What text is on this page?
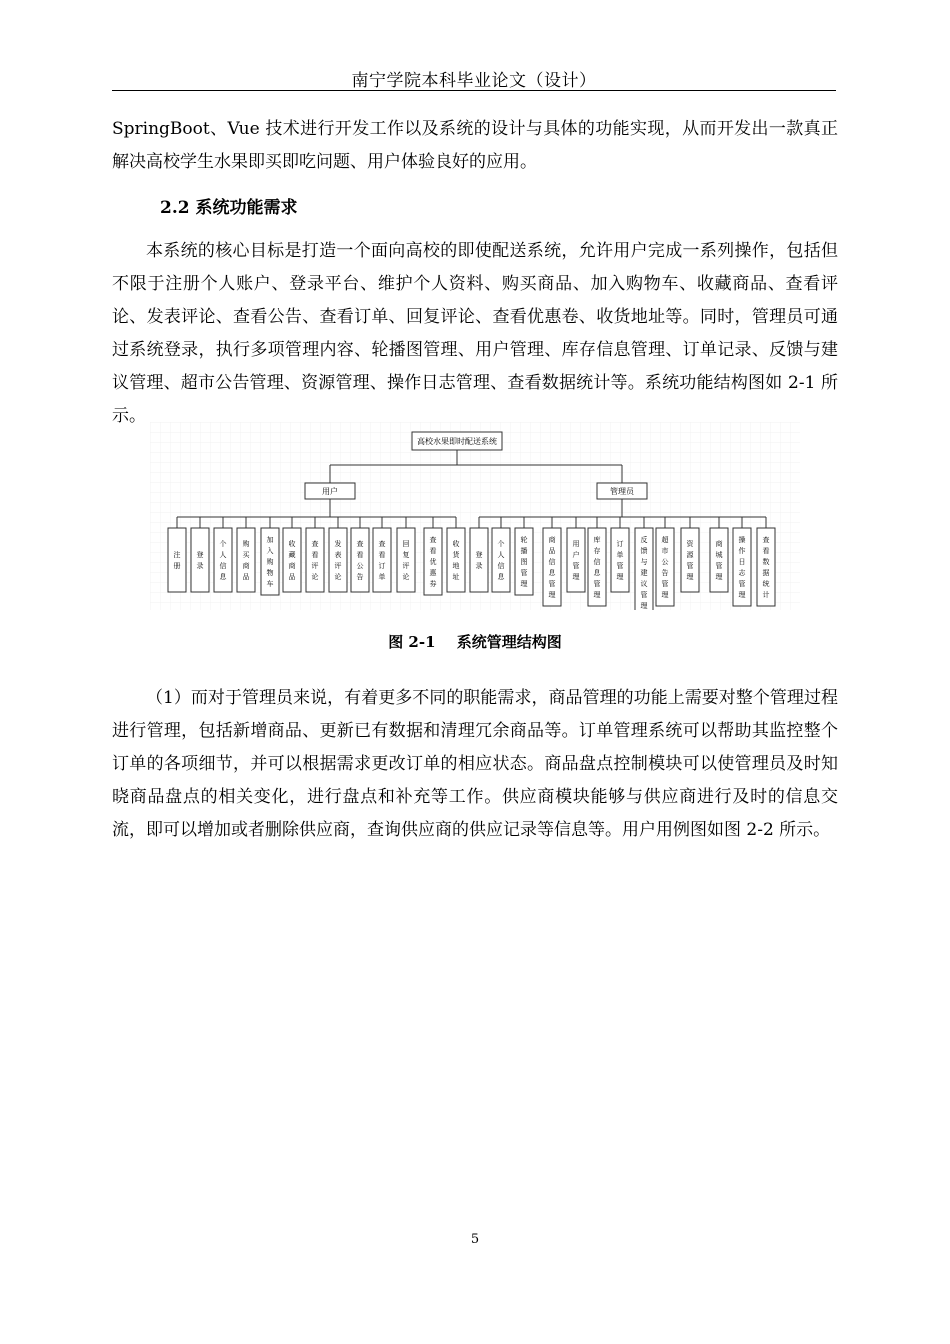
南宁学院本科毕业论文（设计）

SpringBoot、Vue 技术进行开发工作以及系统的设计与具体的功能实现，从而开发出一款真正解决高校学生水果即买即吃问题、用户体验良好的应用。

2.2 系统功能需求

本系统的核心目标是打造一个面向高校的即使配送系统，允许用户完成一系列操作，包括但不限于注册个人账户、登录平台、维护个人资料、购买商品、加入购物车、收藏商品、查看评论、发表评论、查看公告、查看订单、回复评论、查看优惠卷、收货地址等。同时，管理员可通过系统登录，执行多项管理内容、轮播图管理、用户管理、库存信息管理、订单记录、反馈与建议管理、超市公告管理、资源管理、操作日志管理、查看数据统计等。系统功能结构图如 2-1 所示。

高校水果即时配送系统
用户	管理员
注册
登录
个人信息
购买商品
加入购物车
收藏商品
查看评论
发表评论
查看公告
查看订单
回复评论
查看优惠券
收货地址
登录
个人信息
轮播图管理
商品信息管理
用户管理
库存信息管理
订单管理
反馈与建议管理
超市公告管理
资源管理
商城管理
操作日志管理
查看数据统计
图 2-1 系统管理结构图

（1）而对于管理员来说，有着更多不同的职能需求，商品管理的功能上需要对整个管理过程进行管理，包括新增商品、更新已有数据和清理冗余商品等。订单管理系统可以帮助其监控整个订单的各项细节，并可以根据需求更改订单的相应状态。商品盘点控制模块可以使管理员及时知晓商品盘点的相关变化，进行盘点和补充等工作。供应商模块能够与供应商进行及时的信息交流，即可以增加或者删除供应商，查询供应商的供应记录等信息等。用户用例图如图 2-2 所示。

5
